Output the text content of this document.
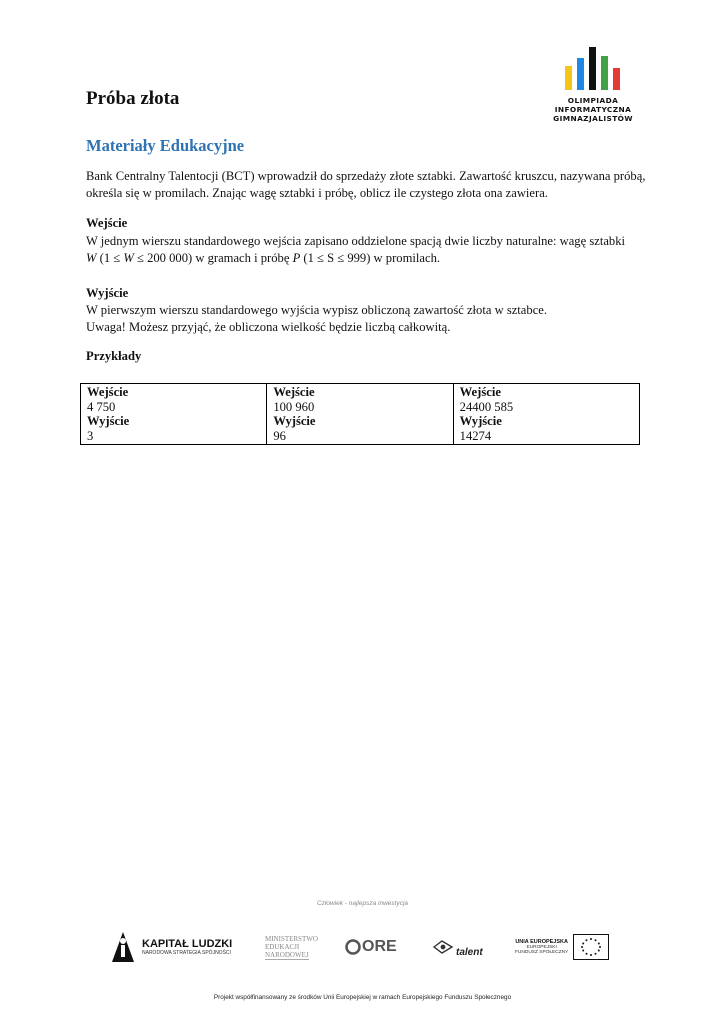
Próba złota	OLIMPIADA
INFORMATYCZNA
GIMNAZJALISTÓW
Materiały Edukacyjne
Bank Centralny Talentocji (BCT) wprowadził do sprzedaży złote sztabki. Zawartość kruszcu, nazywana próbą, określa się w promilach. Znając wagę sztabki i próbę, oblicz ile czystego złota ona zawiera.
Wejście
W jednym wierszu standardowego wejścia zapisano oddzielone spacją dwie liczby naturalne: wagę sztabki
W (1 ≤ W ≤ 200 000) w gramach i próbę P (1 ≤ S ≤ 999) w promilach.
Wyjście
W pierwszym wierszu standardowego wyjścia wypisz obliczoną zawartość złota w sztabce.
Uwaga! Możesz przyjąć, że obliczona wielkość będzie liczbą całkowitą.
Przykłady
Wejście
4 750
Wyjście
3

Wejście
100 960
Wyjście
96

Wejście
24400 585
Wyjście
14274
Człowiek - najlepsza inwestycja
KAPITAŁ LUDZKI
NARODOWA STRATEGIA SPÓJNOŚCI
MINISTERSTWO
EDUKACJI
NARODOWEJ	ORE	talent
UNIA EUROPEJSKA
EUROPEJSKI
FUNDUSZ SPOŁECZNY
Projekt współfinansowany ze środków Unii Europejskiej w ramach Europejskiego Funduszu Społecznego
